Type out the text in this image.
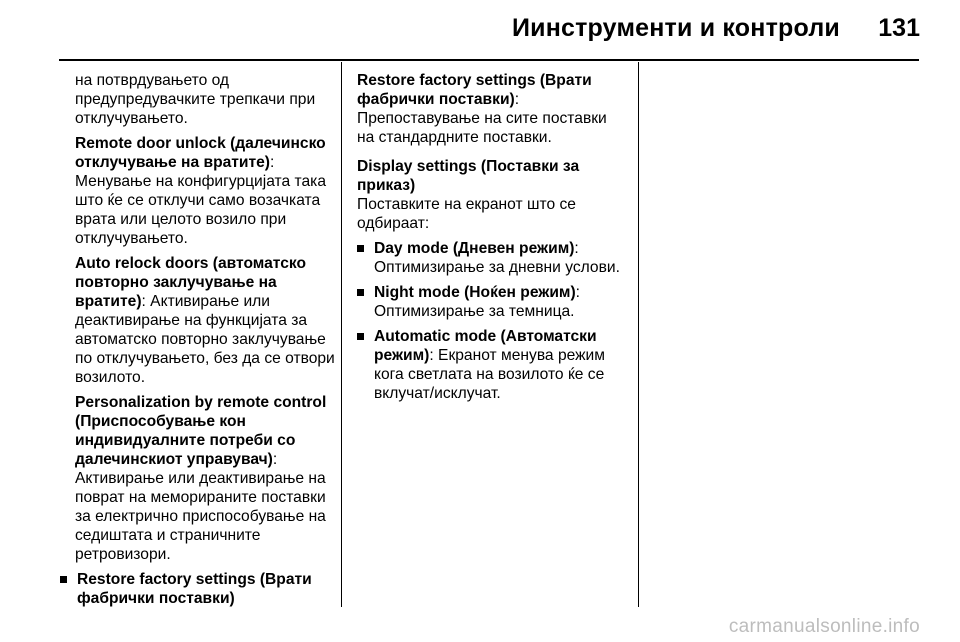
Иинструменти и контроли 131

на потврдувањето од предупредувачките трепкачи при отклучувањето.

Remote door unlock (далечинско отклучување на вратите):
Менување на конфигурцијата така што ќе се отклучи само возачката врата или целото возило при отклучувањето.

Auto relock doors (автоматско повторно заклучување на вратите): Активирање или деактивирање на функцијата за автоматско повторно заклучување по отклучувањето, без да се отвори возилото.

Personalization by remote control (Приспособување кон индивидуалните потреби со далечинскиот управувач):
Активирање или деактивирање на поврат на меморираните поставки за електрично приспособување на седиштата и страничните ретровизори.

Restore factory settings (Врати фабрички поставки)

Restore factory settings (Врати фабрички поставки):
Препоставување на сите поставки на стандардните поставки.

Display settings (Поставки за приказ)

Поставките на екранот што се одбираат:

Day mode (Дневен режим):
Оптимизирање за дневни услови.
Night mode (Ноќен режим):
Оптимизирање за темница.
Automatic mode (Автоматски режим): Екранот менува режим кога светлата на возилото ќе се вклучат/исклучат.
carmanualsonline.info
